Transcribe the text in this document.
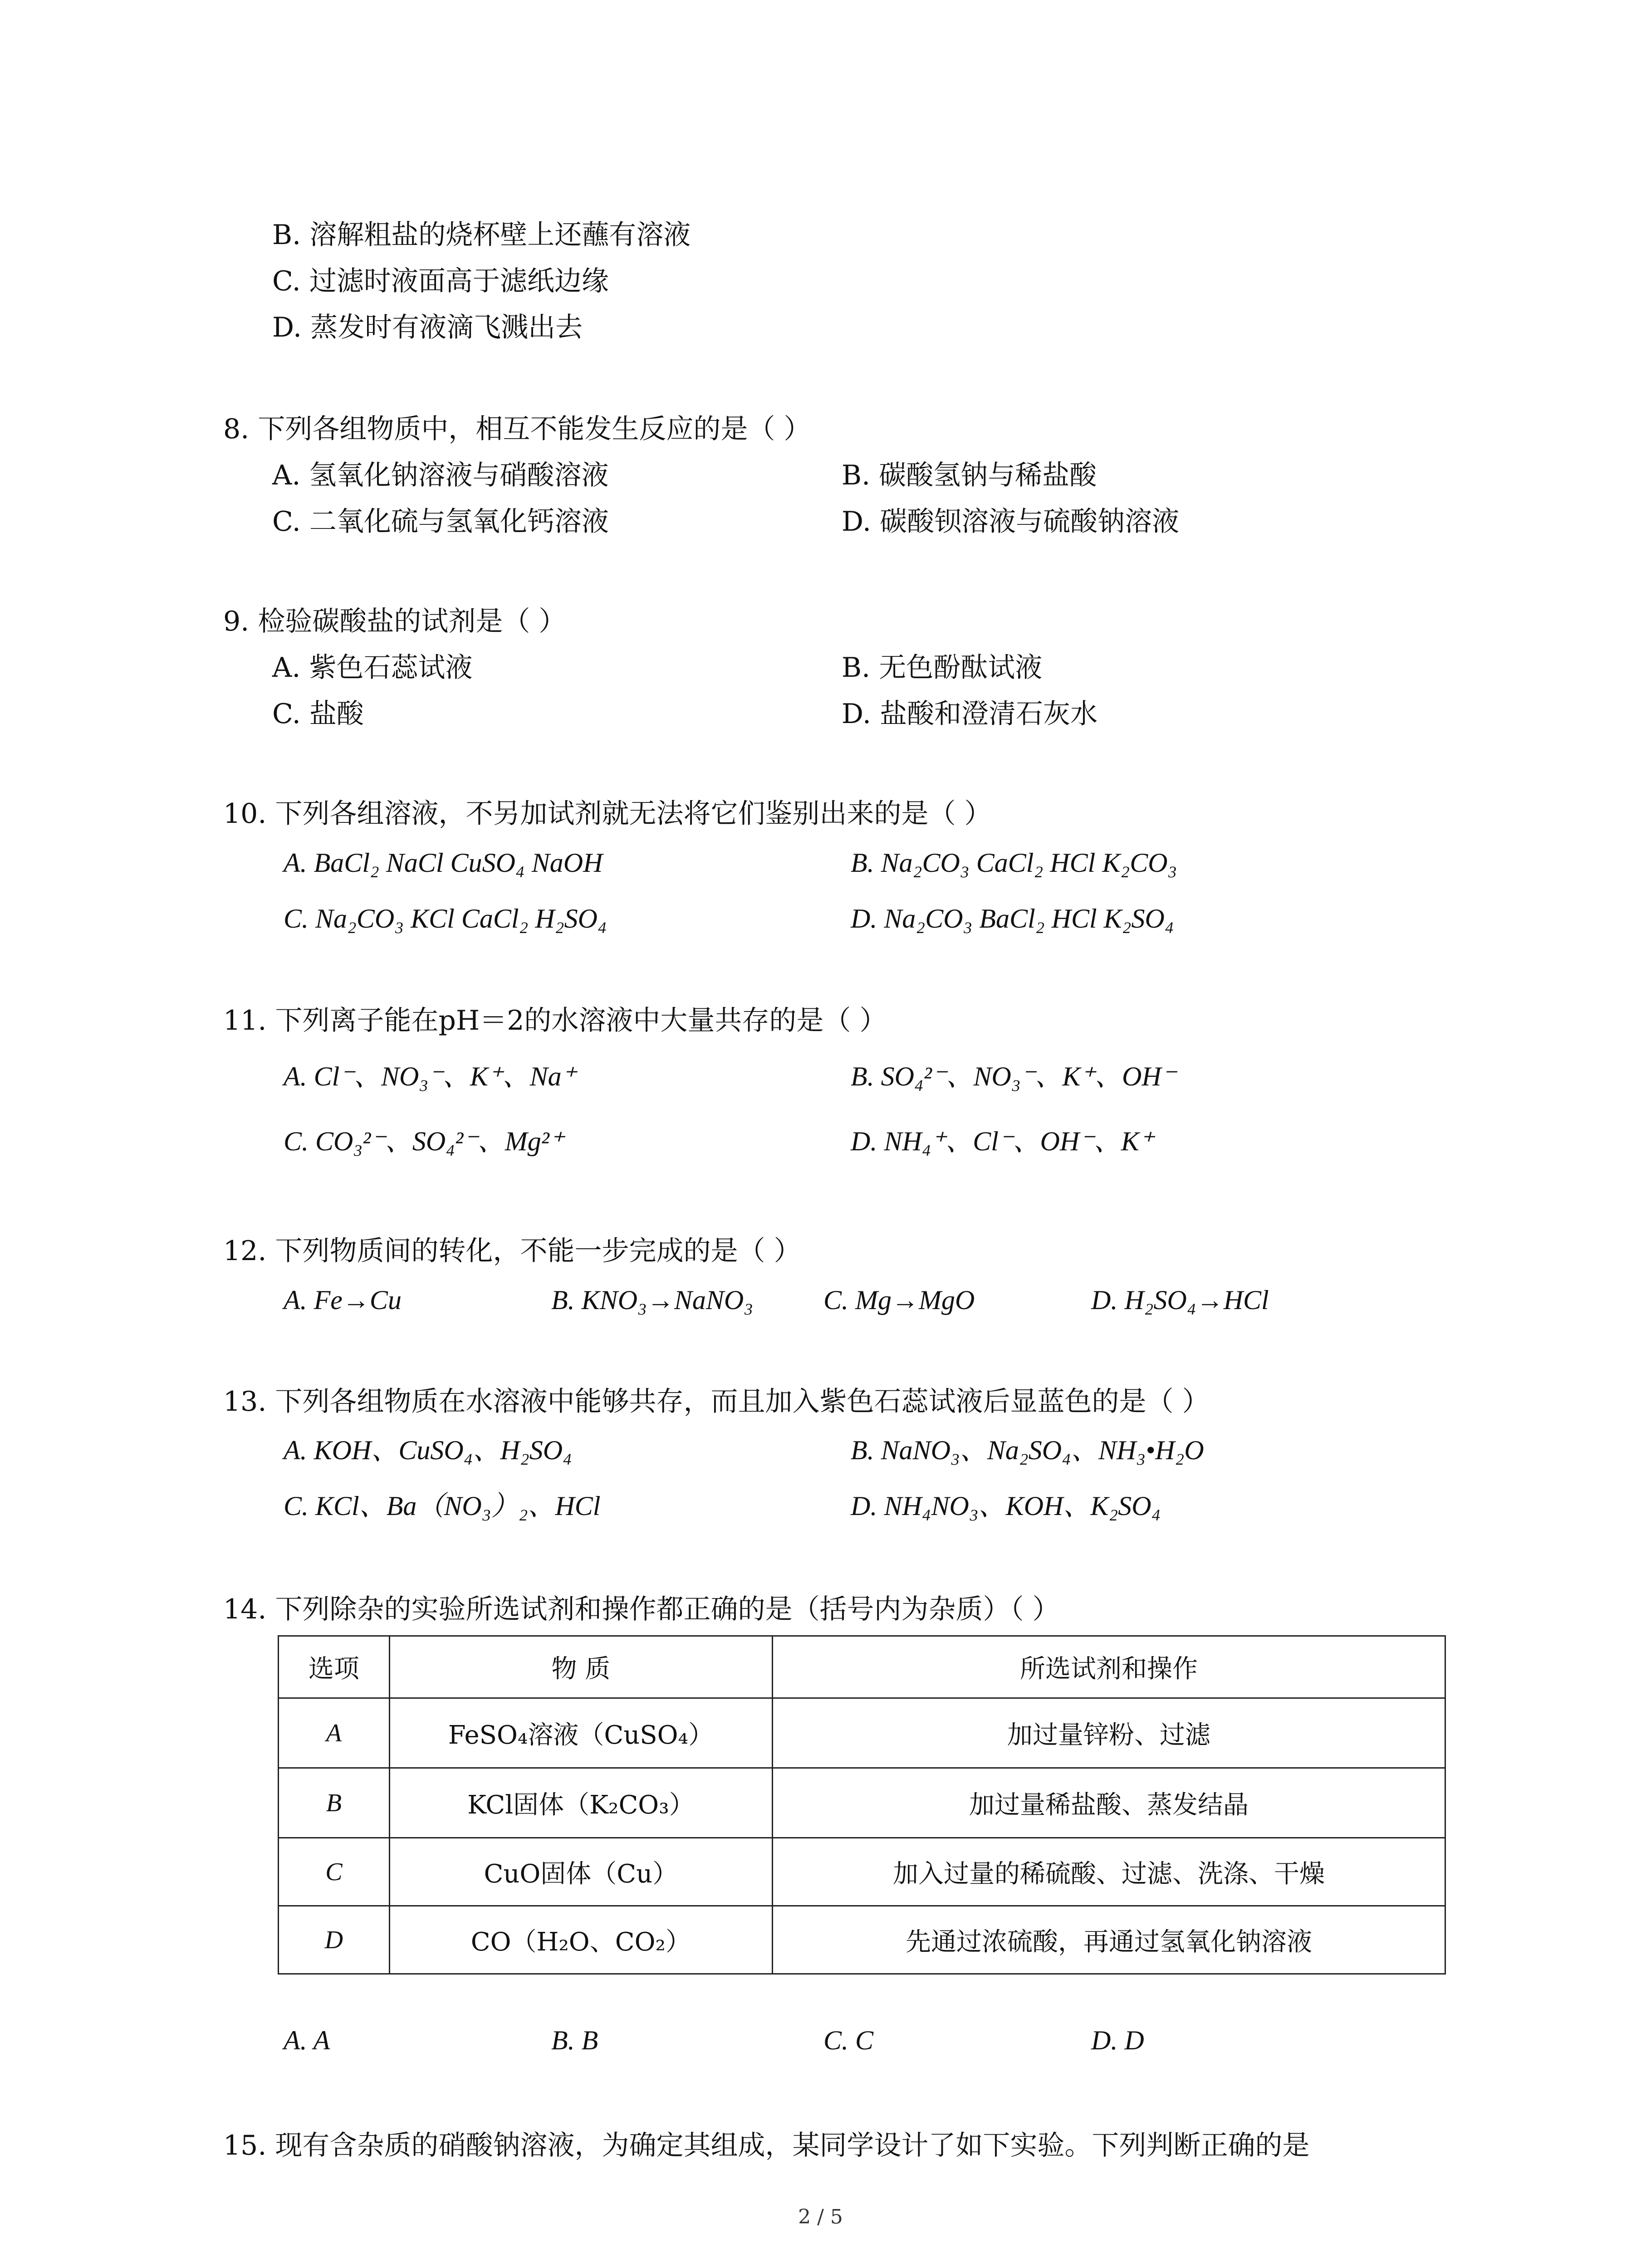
B. 溶解粗盐的烧杯壁上还蘸有溶液
C. 过滤时液面高于滤纸边缘
D. 蒸发时有液滴飞溅出去
8. 下列各组物质中，相互不能发生反应的是（ ）
A. 氢氧化钠溶液与硝酸溶液	B. 碳酸氢钠与稀盐酸
C. 二氧化硫与氢氧化钙溶液	D. 碳酸钡溶液与硫酸钠溶液
9. 检验碳酸盐的试剂是（ ）
A. 紫色石蕊试液	B. 无色酚酞试液
C. 盐酸	D. 盐酸和澄清石灰水
10. 下列各组溶液，不另加试剂就无法将它们鉴别出来的是（ ）
A. BaCl₂ NaCl CuSO₄ NaOH	B. Na₂CO₃ CaCl₂ HCl K₂CO₃
C. Na₂CO₃ KCl CaCl₂ H₂SO₄	D. Na₂CO₃ BaCl₂ HCl K₂SO₄
11. 下列离子能在pH＝2的水溶液中大量共存的是（ ）
A. Cl⁻、NO₃⁻、K⁺、Na⁺	B. SO₄²⁻、NO₃⁻、K⁺、OH⁻
C. CO₃²⁻、SO₄²⁻、Mg²⁺	D. NH₄⁺、Cl⁻、OH⁻、K⁺
12. 下列物质间的转化，不能一步完成的是（ ）
A. Fe→Cu	B. KNO₃→NaNO₃	C. Mg→MgO	D. H₂SO₄→HCl
13. 下列各组物质在水溶液中能够共存，而且加入紫色石蕊试液后显蓝色的是（ ）
A. KOH、CuSO₄、H₂SO₄	B. NaNO₃、Na₂SO₄、NH₃•H₂O
C. KCl、Ba（NO₃）₂、HCl	D. NH₄NO₃、KOH、K₂SO₄
14. 下列除杂的实验所选试剂和操作都正确的是（括号内为杂质）（ ）
选项	物 质	所选试剂和操作
A	FeSO₄溶液（CuSO₄）	加过量锌粉、过滤
B	KCl固体（K₂CO₃）	加过量稀盐酸、蒸发结晶
C	CuO固体（Cu）	加入过量的稀硫酸、过滤、洗涤、干燥
D	CO（H₂O、CO₂）	先通过浓硫酸，再通过氢氧化钠溶液
A. A	B. B	C. C	D. D
15. 现有含杂质的硝酸钠溶液，为确定其组成，某同学设计了如下实验。下列判断正确的是
2 / 5
